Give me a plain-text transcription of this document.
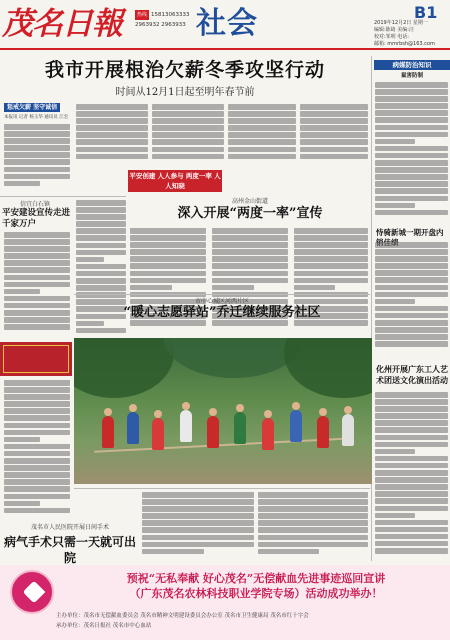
茂名日報	热线 15813063333
2963932 2963933 社会	B1
2019年12月2日 星期一
编辑:陈绮 美编:汪
校对:邹明 电话:
邮箱: mmrbsh@163.com
我市开展根治欠薪冬季攻坚行动
时间从12月1日起至明年春节前
惩戒欠薪 坚守诚信
本报讯 记者 杨玉华 通讯员 江宏
病媒防治知识
鼠害防制
恃骑新城一期开盘内
化州开展广东工人艺术团送文化演出活动
信宜白石镇
平安建设宣传走进千家万户
平安创建 人人参与 两度一率 人人知晓
高州金山街道
深入开展“两度一率”宣传
市中心城区河西片区
“暖心志愿驿站”乔迁继续服务社区
茂名市人民医院开展日间手术
病气手术只需一天就可出院
预祝“无私奉献 好心茂名”无偿献血先进事迹巡回宣讲
（广东茂名农林科技职业学院专场）活动成功举办！
主办单位：茂名市无偿献血委员会 茂名市精神文明建设委员会办公室 茂名市卫生健康局 茂名市红十字会
承办单位：茂名日报社 茂名市中心血站
